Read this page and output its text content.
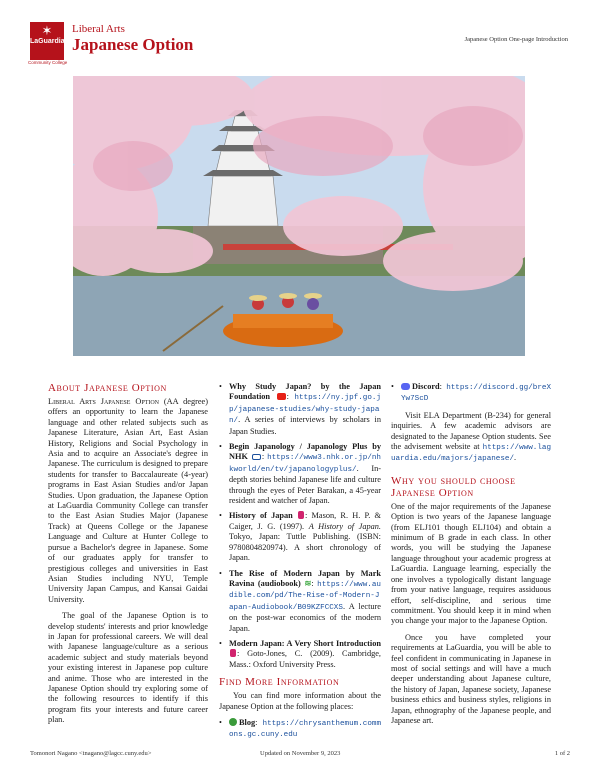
✶
LaGuardia
Community College
Liberal Arts
Japanese Option	Japanese Option One-page Introduction
About Japanese Option

Liberal Arts Japanese Option (AA degree) offers an opportunity to learn the Japanese language and other related subjects such as Japanese Literature, Asian Art, East Asian History, Religions and Social Psychology in Asia and to acquire an Associate's degree in Japanese. The curriculum is designed to prepare students for transfer to Baccalaureate (4-year) programs in East Asian Studies and/or Japan Studies. Upon graduation, the Japanese Option at LaGuardia Community College can transfer to the East Asian Studies Major (Japanese Track) at Queens College or the Japanese Language and Culture at Hunter College to pursue a Bachelor's degree in Japanese. Some of our graduates apply for transfer to prestigious colleges and universities in East Asian Studies including NYU, Temple University Japan Campus, and Kansai Gaidai University.

The goal of the Japanese Option is to develop students' interests and prior knowledge in Japan for professional careers. We will deal with Japanese language/culture as a serious academic subject and study materials beyond your existing interest in Japanese pop culture and anime. Those who are interested in the Japanese Option should try exploring some of the following resources to identify if this program fits your interests and future career plan.

• Why Study Japan? by the Japan Foundation : https://ny.jpf.go.jp/japanese-studies/why-study-japan/. A series of interviews by scholars in Japan Studies.
• Begin Japanology / Japanology Plus by NHK : https://www3.nhk.or.jp/nhkworld/en/tv/japanologyplus/. In-depth stories behind Japanese life and culture through the eyes of Peter Barakan, a 45-year resident and watcher of Japan.
• History of Japan : Mason, R. H. P. & Caiger, J. G. (1997). A History of Japan. Tokyo, Japan: Tuttle Publishing. (ISBN: 9780804820974). A short chronology of Japan.
• The Rise of Modern Japan by Mark Ravina (audiobook) ≋: https://www.audible.com/pd/The-Rise-of-Modern-Japan-Audiobook/B09KZFCCXS. A lecture on the post-war economics of the modern Japan.
• Modern Japan: A Very Short Introduction : Goto-Jones, C. (2009). Cambridge, Mass.: Oxford University Press.
Find More Information

You can find more information about the Japanese Option at the following places:

• Blog: https://chrysanthemum.commons.gc.cuny.edu
• Discord: https://discord.gg/breXYw7ScD

Visit ELA Department (B-234) for general inquiries. A few academic advisors are designated to the Japanese Option students. See the advisement website at https://www.laguardia.edu/majors/japanese/.

Why you should choose Japanese Option

One of the major requirements of the Japanese Option is two years of the Japanese language (from ELJ101 though ELJ104) and obtain a minimum of B grade in each class. In other words, you will be studying the Japanese language throughout your academic progress at LaGuardia. Language learning, especially the one involves a typologically distant language from your native language, requires assiduous effort, self-discipline, and serious time commitment. You should keep it in mind when you change your major to the Japanese Option.

Once you have completed your requirements at LaGuardia, you will be able to feel confident in communicating in Japanese in most of social settings and will have a much deeper understanding about Japanese culture, the history of Japan, Japanese society, Japanese business ethics and business styles, religions in Japan, ethnography of the Japanese people, and Japanese art.

Tomonori Nagano <tnagano@lagcc.cuny.edu>	Updated on November 9, 2023	1 of 2
